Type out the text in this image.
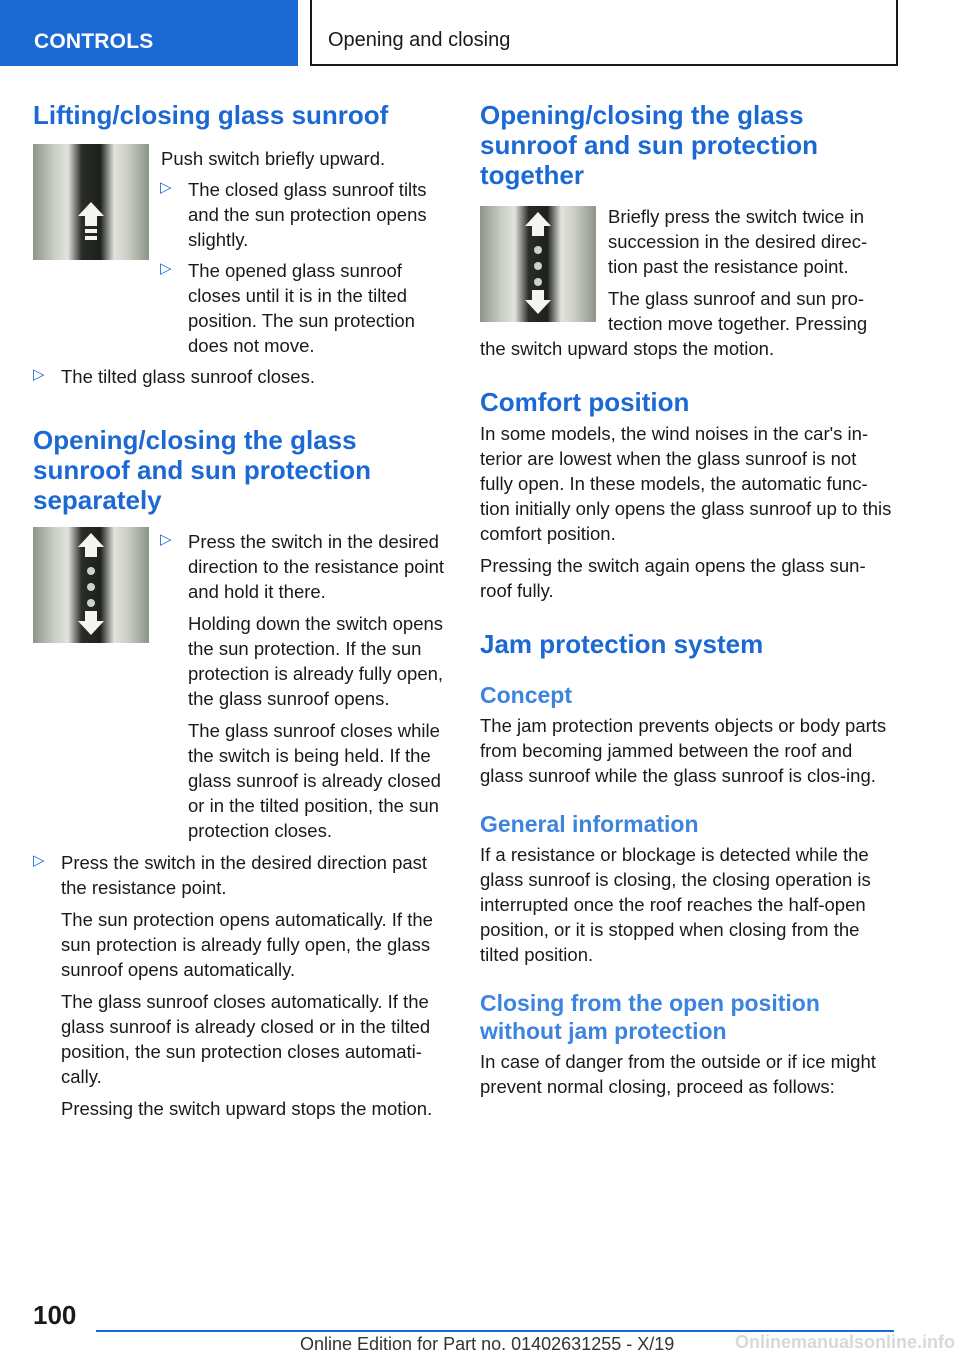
CONTROLS	Opening and closing
Lifting/closing glass sunroof

Push switch briefly upward.

▷ The closed glass sunroof tilts and the sun protection opens slightly.

▷ The opened glass sunroof closes until it is in the tilted position. The sun protection does not move.

▷ The tilted glass sunroof closes.

Opening/closing the glass sunroof and sun protection separately
▷ Press the switch in the desired direction to the resistance point and hold it there.

Holding down the switch opens the sun protection. If the sun protection is already fully open, the glass sunroof opens.

The glass sunroof closes while the switch is being held. If the glass sunroof is already closed or in the tilted position, the sun protection closes.

▷ Press the switch in the desired direction past the resistance point.

The sun protection opens automatically. If the sun protection is already fully open, the glass sunroof opens automatically.

The glass sunroof closes automatically. If the glass sunroof is already closed or in the tilted position, the sun protection closes automati‐cally.

Pressing the switch upward stops the motion.

Opening/closing the glass sunroof and sun protection together

Briefly press the switch twice in succession in the desired direc‐tion past the resistance point.

The glass sunroof and sun pro‐tection move together. Pressing the switch upward stops the motion.

Comfort position

In some models, the wind noises in the car's in‐terior are lowest when the glass sunroof is not fully open. In these models, the automatic func‐tion initially only opens the glass sunroof up to this comfort position.

Pressing the switch again opens the glass sun‐roof fully.

Jam protection system
Concept

The jam protection prevents objects or body parts from becoming jammed between the roof and glass sunroof while the glass sunroof is clos‐ing.

General information

If a resistance or blockage is detected while the glass sunroof is closing, the closing operation is interrupted once the roof reaches the half-open position, or it is stopped when closing from the tilted position.

Closing from the open position without jam protection

In case of danger from the outside or if ice might prevent normal closing, proceed as follows:

100
Online Edition for Part no. 01402631255 - X/19	Onlinemanualsonline.info
